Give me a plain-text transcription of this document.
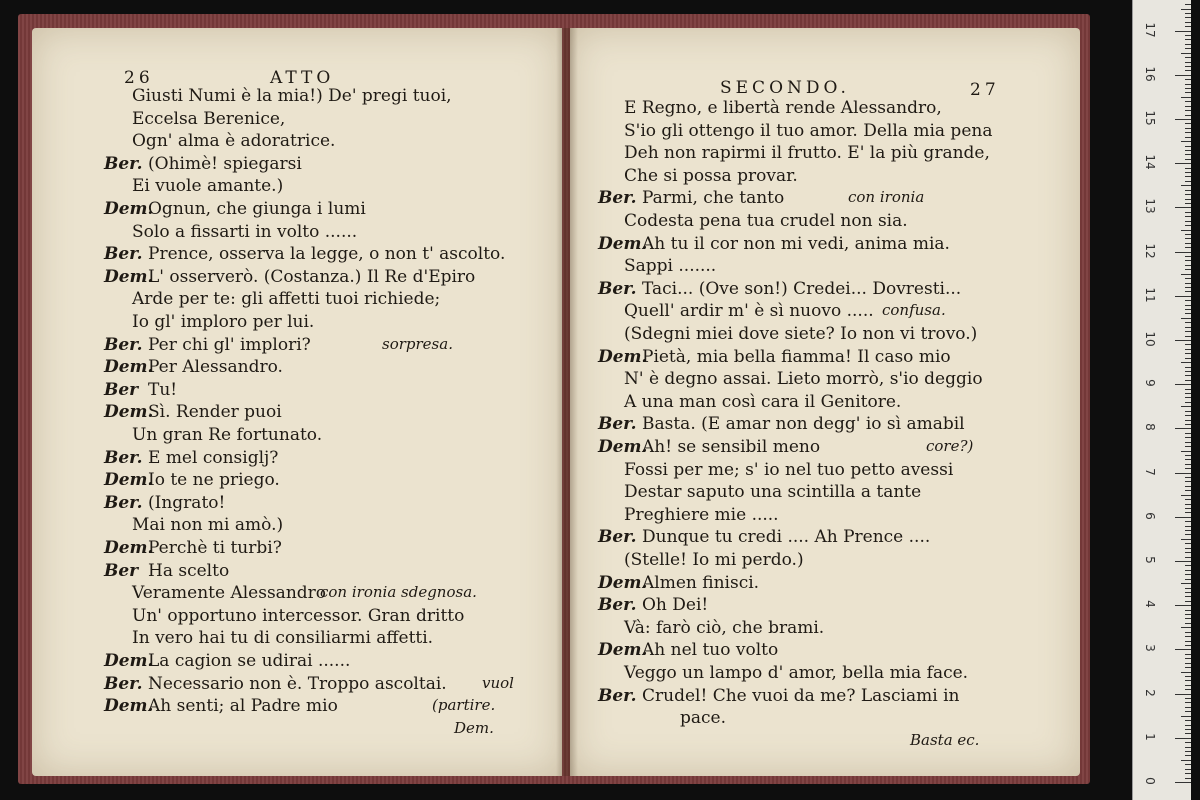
26	ATTO
Giusti Numi è la mia!) De' pregi tuoi,
Eccelsa Berenice,
Ogn' alma è adoratrice.
Ber. (Ohimè! spiegarsi
Ei vuole amante.)
Dem.
Ognun, che giunga i lumi
Solo a fissarti in volto ......
Ber. Prence, osserva la legge, o non t' ascolto.
Dem.
L' osserverò. (Costanza.) Il Re d'Epiro
Arde per te: gli affetti tuoi richiede;
Io gl' imploro per lui.
Ber. Per chi gl' implori?	sorpresa.
Dem.
Per Alessandro.
Ber Tu!
Dem.
Sì. Render puoi
Un gran Re fortunato.
Ber. E mel consiglj?
Dem.
Io te ne priego.
Ber. (Ingrato!
Mai non mi amò.)
Dem.
Perchè ti turbi?
Ber Ha scelto
Veramente Alessandro
con ironia sdegnosa.
Un' opportuno intercessor. Gran dritto
In vero hai tu di consiliarmi affetti.
Dem.
La cagion se udirai ......
Ber. Necessario non è. Troppo ascoltai. vuol
Dem.
Ah senti; al Padre mio	(partire.
Dem.
SECONDO.	27
E Regno, e libertà rende Alessandro,
S'io gli ottengo il tuo amor. Della mia pena
Deh non rapirmi il frutto. E' la più grande,
Che si possa provar.
Ber. Parmi, che tanto	con ironia
Codesta pena tua crudel non sia.
Dem.
Ah tu il cor non mi vedi, anima mia.
Sappi .......
Ber. Taci... (Ove son!) Credei... Dovresti...
Quell' ardir m' è sì nuovo ..... confusa.
(Sdegni miei dove siete? Io non vi trovo.)
Dem.
Pietà, mia bella fiamma! Il caso mio
N' è degno assai. Lieto morrò, s'io deggio
A una man così cara il Genitore.
Ber. Basta. (E amar non degg' io sì amabil
Dem.
Ah! se sensibil meno	core?)
Fossi per me; s' io nel tuo petto avessi
Destar saputo una scintilla a tante
Preghiere mie .....
Ber. Dunque tu credi .... Ah Prence ....
(Stelle! Io mi perdo.)
Dem.
Almen finisci.
Ber. Oh Dei!
Và: farò ciò, che brami.
Dem.
Ah nel tuo volto
Veggo un lampo d' amor, bella mia face.
Ber. Crudel! Che vuoi da me? Lasciami in
pace.
Basta ec.
0
1
2
3
4
5
6
7
8
9
10
11
12
13
14
15
16
17
